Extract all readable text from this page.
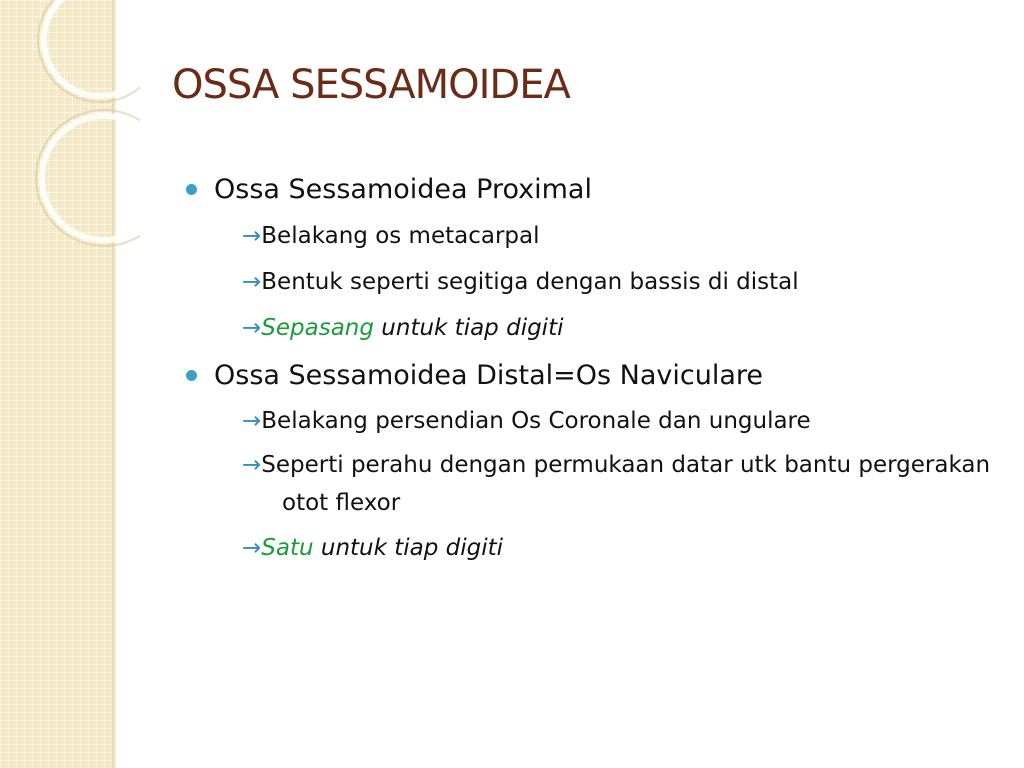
OSSA SESSAMOIDEA
Ossa Sessamoidea Proximal
→Belakang os metacarpal
→Bentuk seperti segitiga dengan bassis di distal
→Sepasang untuk tiap digiti
Ossa Sessamoidea Distal=Os Naviculare
→Belakang persendian Os Coronale dan ungulare
→Seperti perahu dengan permukaan datar utk bantu pergerakan otot flexor
→Satu untuk tiap digiti
